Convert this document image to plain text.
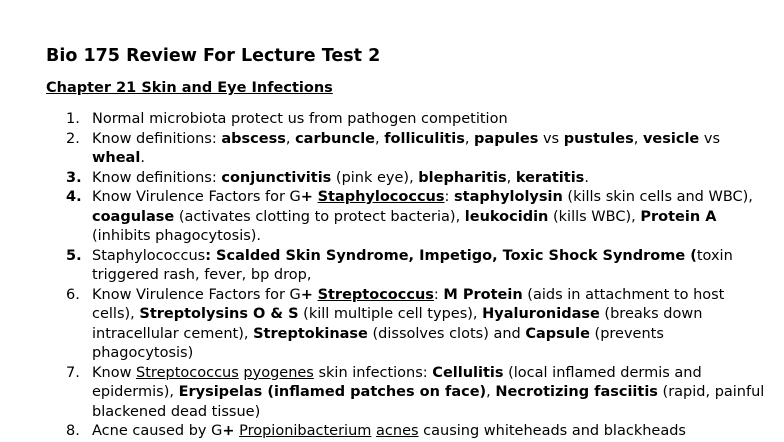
Bio 175 Review For Lecture Test 2
Chapter 21 Skin and Eye Infections
1. Normal microbiota protect us from pathogen competition
2. Know definitions: abscess, carbuncle, folliculitis, papules vs pustules, vesicle vs wheal.
3. Know definitions: conjunctivitis (pink eye), blepharitis, keratitis.
4. Know Virulence Factors for G+ Staphylococcus: staphylolysin (kills skin cells and WBC), coagulase (activates clotting to protect bacteria), leukocidin (kills WBC), Protein A (inhibits phagocytosis).
5. Staphylococcus: Scalded Skin Syndrome, Impetigo, Toxic Shock Syndrome (toxin triggered rash, fever, bp drop,
6. Know Virulence Factors for G+ Streptococcus: M Protein (aids in attachment to host cells), Streptolysins O & S (kill multiple cell types), Hyaluronidase (breaks down intracellular cement), Streptokinase (dissolves clots) and Capsule (prevents phagocytosis)
7. Know Streptococcus pyogenes skin infections: Cellulitis (local inflamed dermis and epidermis), Erysipelas (inflamed patches on face), Necrotizing fasciitis (rapid, painful blackened dead tissue)
8. Acne caused by G+ Propionibacterium acnes causing whiteheads and blackheads
